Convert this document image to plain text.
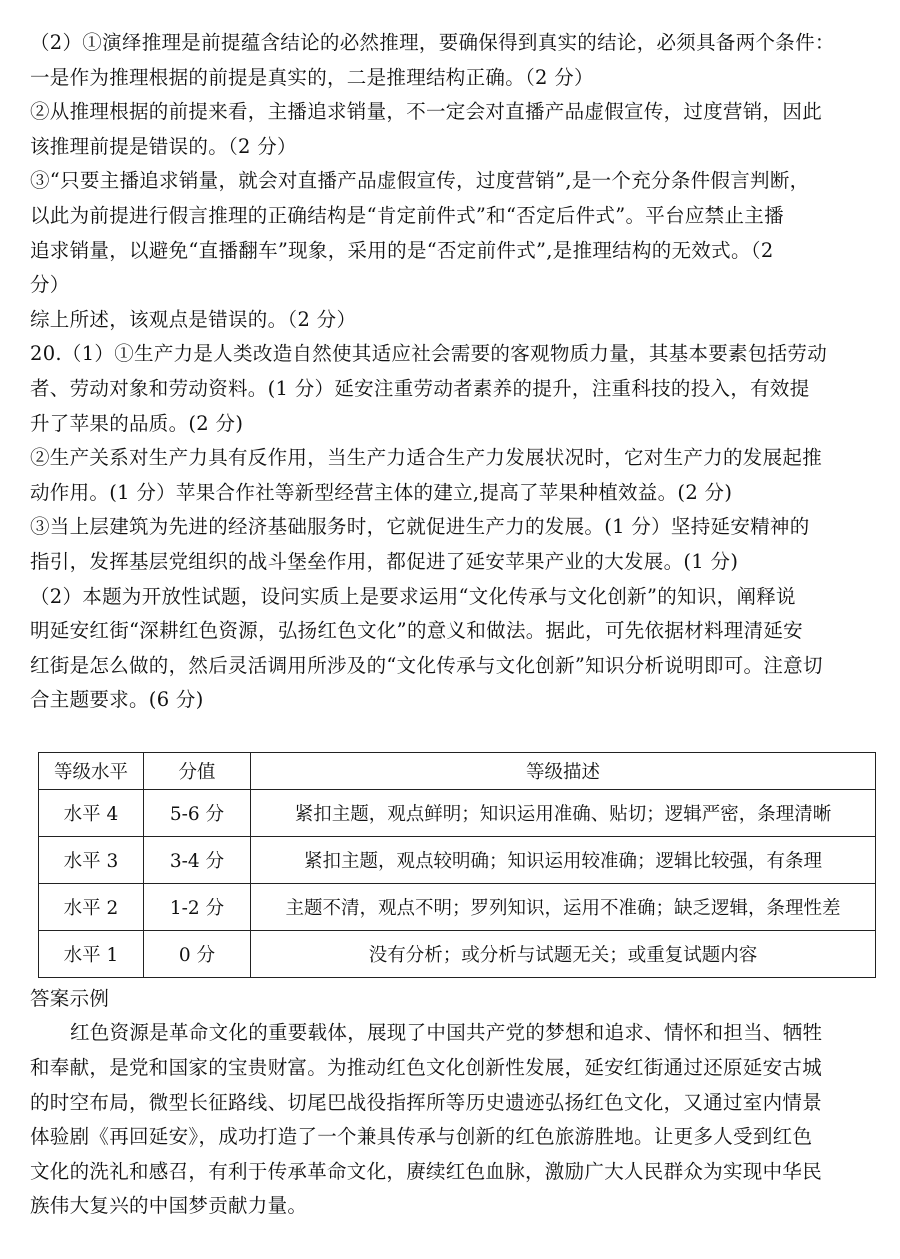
（2）①演绎推理是前提蕴含结论的必然推理，要确保得到真实的结论，必须具备两个条件：
一是作为推理根据的前提是真实的，二是推理结构正确。（2 分）
②从推理根据的前提来看，主播追求销量，不一定会对直播产品虚假宣传，过度营销，因此
该推理前提是错误的。（2 分）
③“只要主播追求销量，就会对直播产品虚假宣传，过度营销”,是一个充分条件假言判断，
以此为前提进行假言推理的正确结构是“肯定前件式”和“否定后件式”。平台应禁止主播
追求销量，以避免“直播翻车”现象，采用的是“否定前件式”,是推理结构的无效式。（2
分）
综上所述，该观点是错误的。（2 分）
20.（1）①生产力是人类改造自然使其适应社会需要的客观物质力量，其基本要素包括劳动
者、劳动对象和劳动资料。(1 分）延安注重劳动者素养的提升，注重科技的投入，有效提
升了苹果的品质。(2 分)
②生产关系对生产力具有反作用，当生产力适合生产力发展状况时，它对生产力的发展起推
动作用。(1 分）苹果合作社等新型经营主体的建立,提高了苹果种植效益。(2 分)
③当上层建筑为先进的经济基础服务时，它就促进生产力的发展。(1 分）坚持延安精神的
指引，发挥基层党组织的战斗堡垒作用，都促进了延安苹果产业的大发展。(1 分)
（2）本题为开放性试题，设问实质上是要求运用“文化传承与文化创新”的知识，阐释说
明延安红街“深耕红色资源，弘扬红色文化”的意义和做法。据此，可先依据材料理清延安
红街是怎么做的，然后灵活调用所涉及的“文化传承与文化创新”知识分析说明即可。注意切
合主题要求。(6 分)
等级水平	分值	等级描述
水平 4	5-6 分	紧扣主题，观点鲜明；知识运用准确、贴切；逻辑严密，条理清晰
水平 3	3-4 分	紧扣主题，观点较明确；知识运用较准确；逻辑比较强，有条理
水平 2	1-2 分	主题不清，观点不明；罗列知识，运用不准确；缺乏逻辑，条理性差
水平 1	0 分	没有分析；或分析与试题无关；或重复试题内容
答案示例
红色资源是革命文化的重要载体，展现了中国共产党的梦想和追求、情怀和担当、牺牲
和奉献，是党和国家的宝贵财富。为推动红色文化创新性发展，延安红街通过还原延安古城
的时空布局，微型长征路线、切尾巴战役指挥所等历史遗迹弘扬红色文化，又通过室内情景
体验剧《再回延安》，成功打造了一个兼具传承与创新的红色旅游胜地。让更多人受到红色
文化的洗礼和感召，有利于传承革命文化，赓续红色血脉，激励广大人民群众为实现中华民
族伟大复兴的中国梦贡献力量。
